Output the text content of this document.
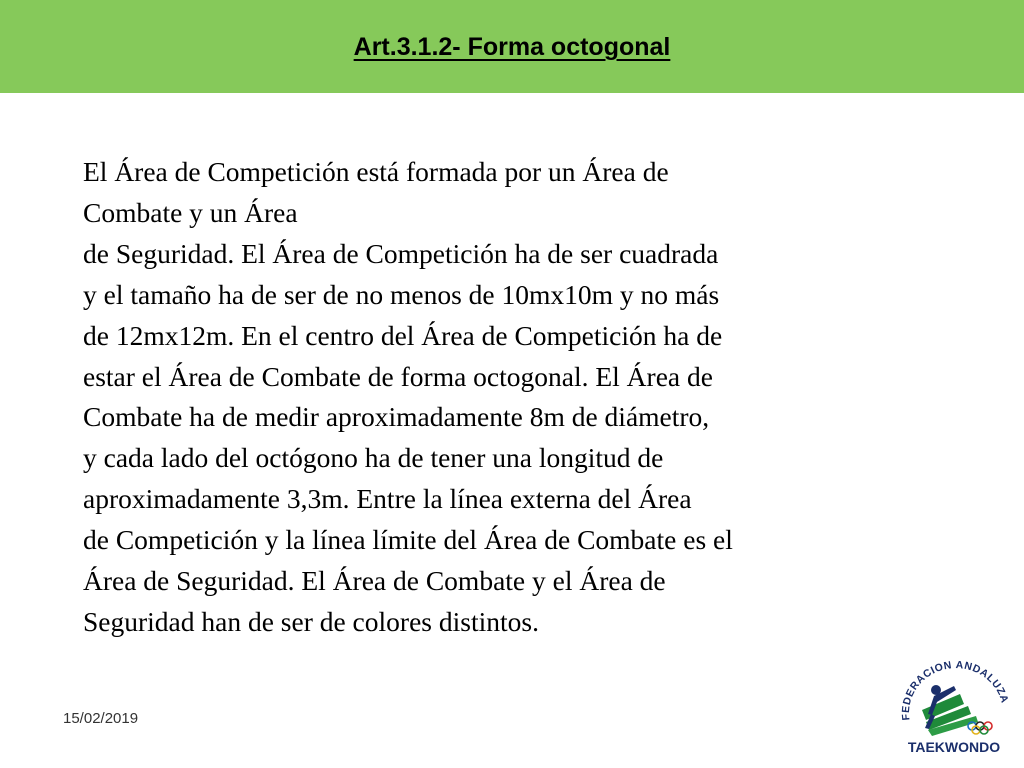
Art.3.1.2- Forma octogonal
El Área de Competición está formada por un Área de
Combate y un Área
de Seguridad. El Área de Competición ha de ser cuadrada
y el tamaño ha de ser de no menos de 10mx10m y no más
de 12mx12m. En el centro del Área de Competición ha de
estar el Área de Combate de forma octogonal. El Área de
Combate ha de medir aproximadamente 8m de diámetro,
y cada lado del octógono ha de tener una longitud de
aproximadamente 3,3m. Entre la línea externa del Área
de Competición y la línea límite del Área de Combate es el
Área de Seguridad. El Área de Combate y el Área de
Seguridad han de ser de colores distintos.
15/02/2019	FEDERACION ANDALUZA
TAEKWONDO
